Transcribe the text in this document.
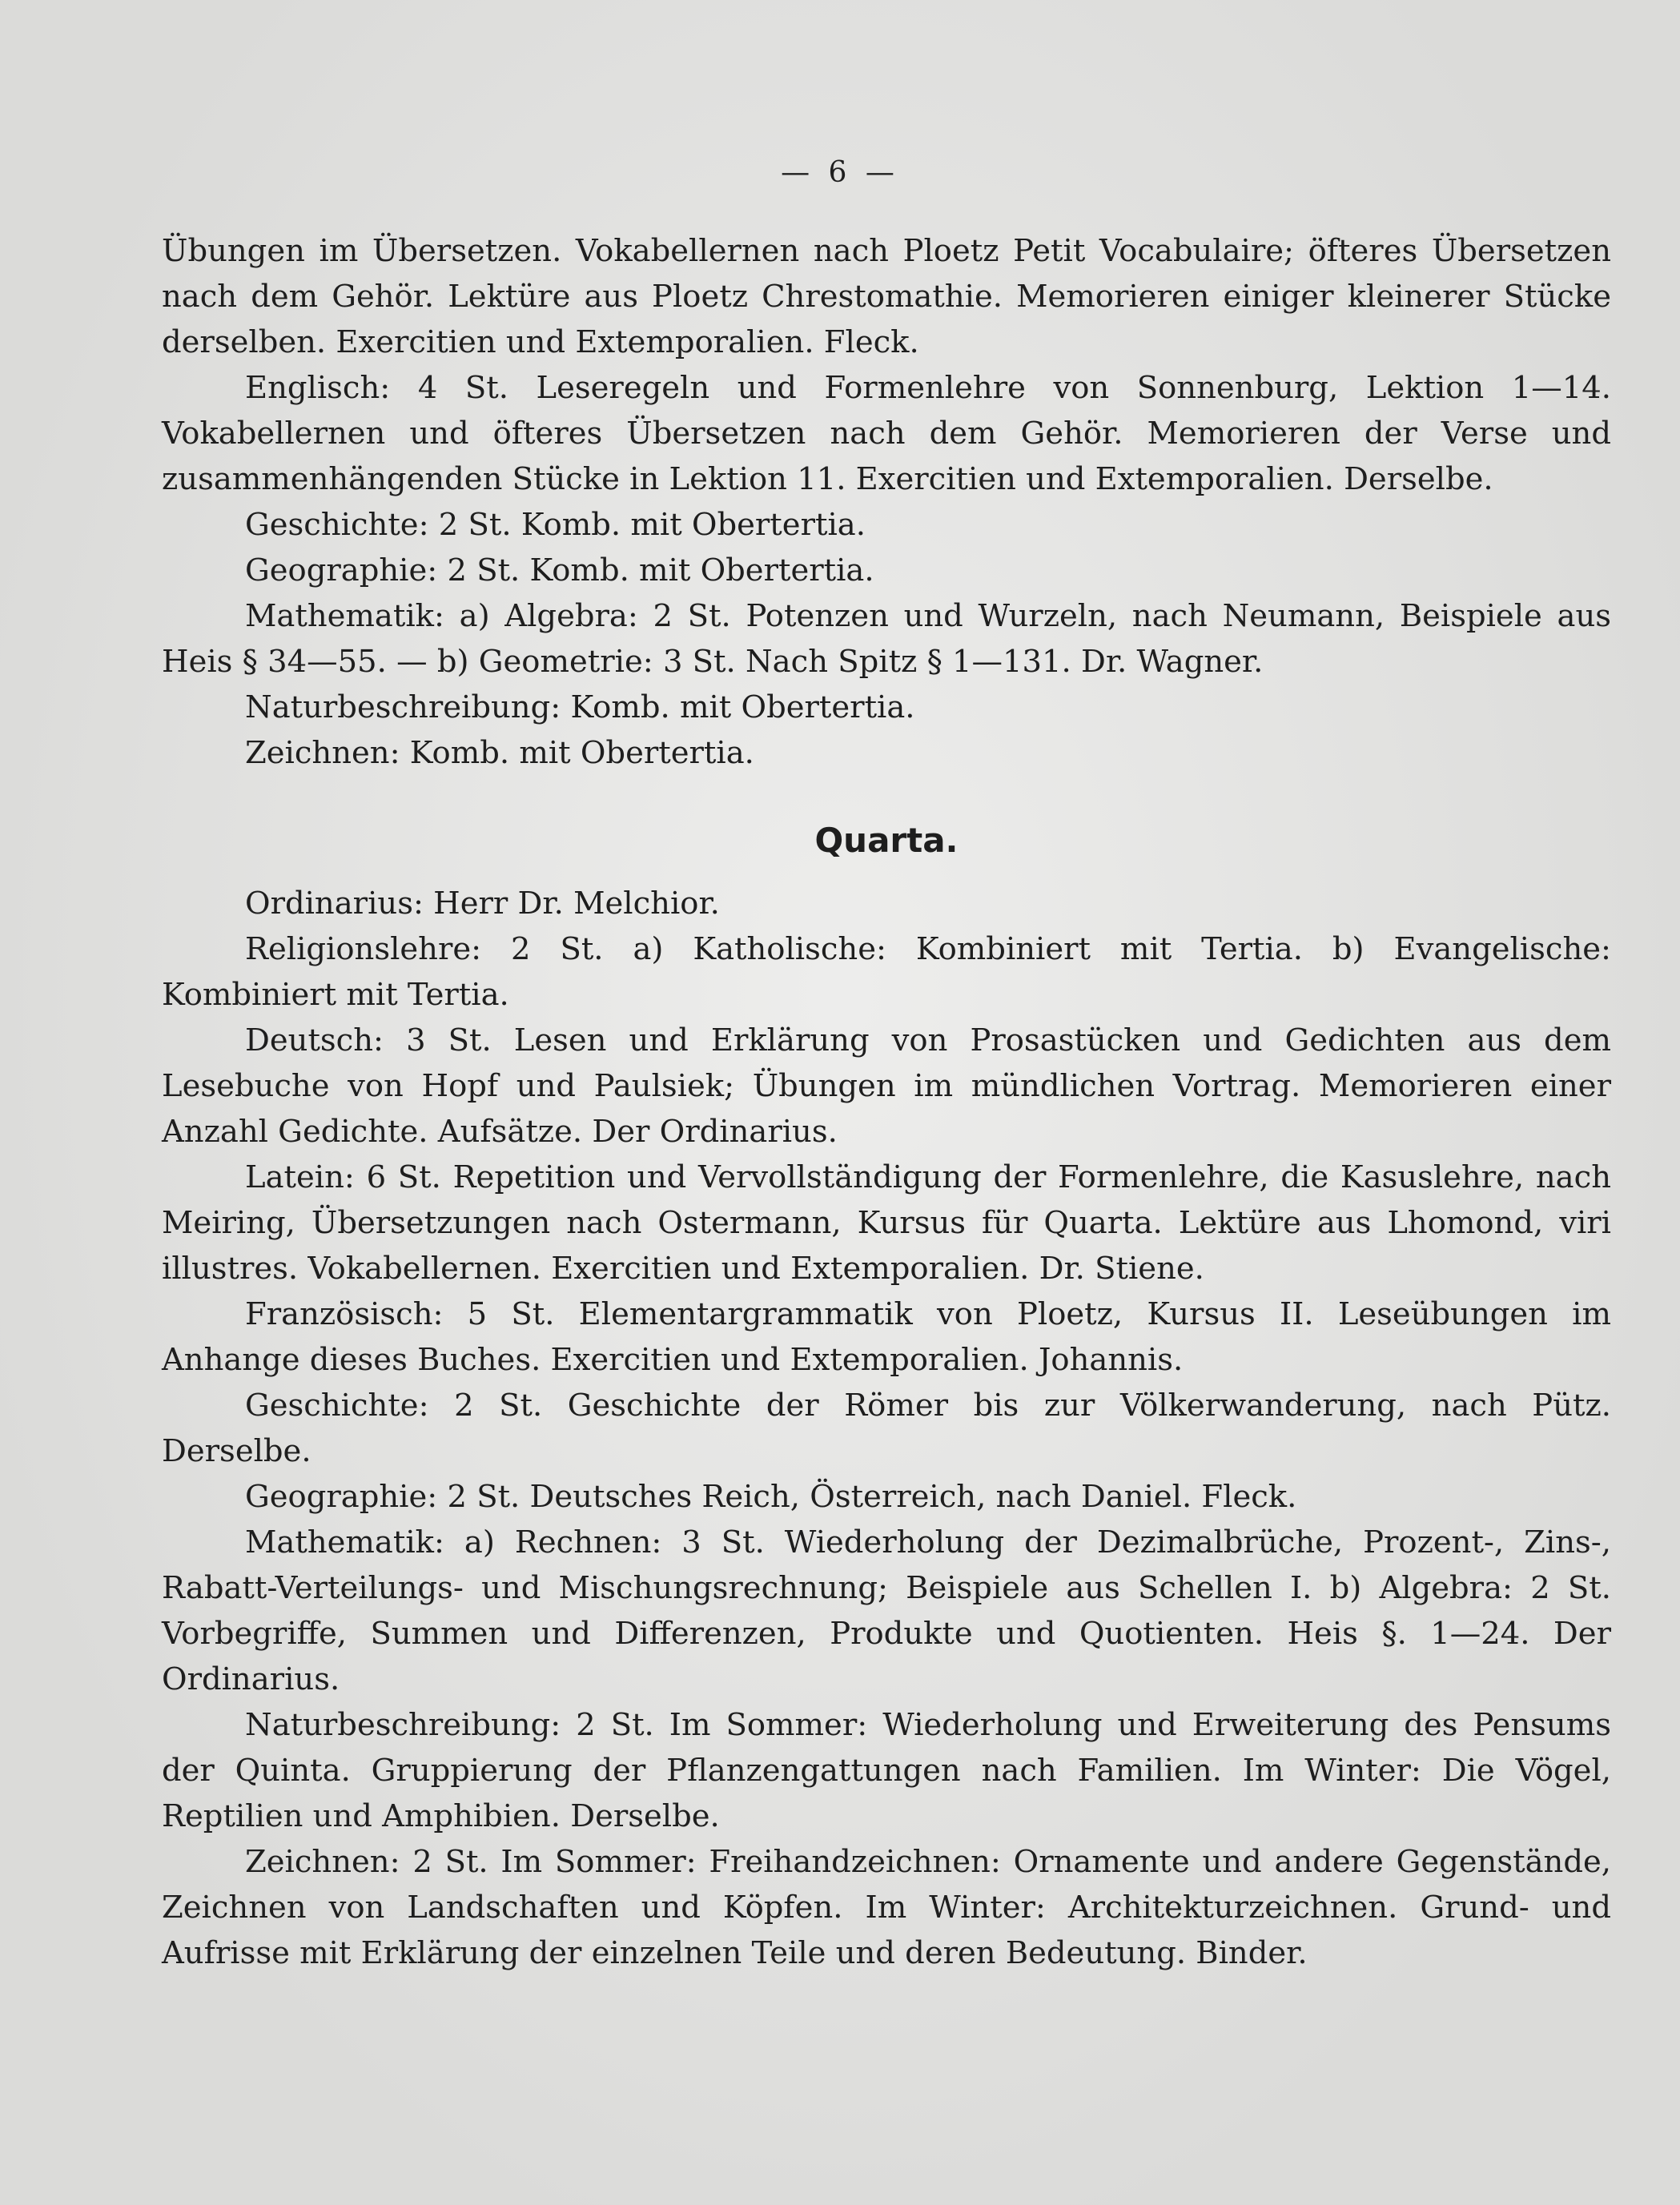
— 6 —

Übungen im Übersetzen. Vokabellernen nach Ploetz Petit Vocabulaire; öfteres Übersetzen nach dem Gehör. Lektüre aus Ploetz Chrestomathie. Memorieren einiger kleinerer Stücke derselben. Exercitien und Extemporalien. Fleck.

Englisch: 4 St. Leseregeln und Formenlehre von Sonnenburg, Lektion 1—14. Vokabellernen und öfteres Übersetzen nach dem Gehör. Memorieren der Verse und zusammenhängenden Stücke in Lektion 11. Exercitien und Extemporalien. Derselbe.

Geschichte: 2 St. Komb. mit Obertertia.

Geographie: 2 St. Komb. mit Obertertia.

Mathematik: a) Algebra: 2 St. Potenzen und Wurzeln, nach Neumann, Beispiele aus Heis § 34—55. — b) Geometrie: 3 St. Nach Spitz § 1—131. Dr. Wagner.

Naturbeschreibung: Komb. mit Obertertia.

Zeichnen: Komb. mit Obertertia.

Quarta.

Ordinarius: Herr Dr. Melchior.

Religionslehre: 2 St. a) Katholische: Kombiniert mit Tertia. b) Evangelische: Kombiniert mit Tertia.

Deutsch: 3 St. Lesen und Erklärung von Prosastücken und Gedichten aus dem Lesebuche von Hopf und Paulsiek; Übungen im mündlichen Vortrag. Memorieren einer Anzahl Gedichte. Aufsätze. Der Ordinarius.

Latein: 6 St. Repetition und Vervollständigung der Formenlehre, die Kasuslehre, nach Meiring, Übersetzungen nach Ostermann, Kursus für Quarta. Lektüre aus Lhomond, viri illustres. Vokabellernen. Exercitien und Extemporalien. Dr. Stiene.

Französisch: 5 St. Elementargrammatik von Ploetz, Kursus II. Leseübungen im Anhange dieses Buches. Exercitien und Extemporalien. Johannis.

Geschichte: 2 St. Geschichte der Römer bis zur Völkerwanderung, nach Pütz. Derselbe.

Geographie: 2 St. Deutsches Reich, Österreich, nach Daniel. Fleck.

Mathematik: a) Rechnen: 3 St. Wiederholung der Dezimalbrüche, Prozent-, Zins-, Rabatt-Verteilungs- und Mischungsrechnung; Beispiele aus Schellen I. b) Algebra: 2 St. Vorbegriffe, Summen und Differenzen, Produkte und Quotienten. Heis §. 1—24. Der Ordinarius.

Naturbeschreibung: 2 St. Im Sommer: Wiederholung und Erweiterung des Pensums der Quinta. Gruppierung der Pflanzengattungen nach Familien. Im Winter: Die Vögel, Reptilien und Amphibien. Derselbe.

Zeichnen: 2 St. Im Sommer: Freihandzeichnen: Ornamente und andere Gegenstände, Zeichnen von Landschaften und Köpfen. Im Winter: Architekturzeichnen. Grund- und Aufrisse mit Erklärung der einzelnen Teile und deren Bedeutung. Binder.
